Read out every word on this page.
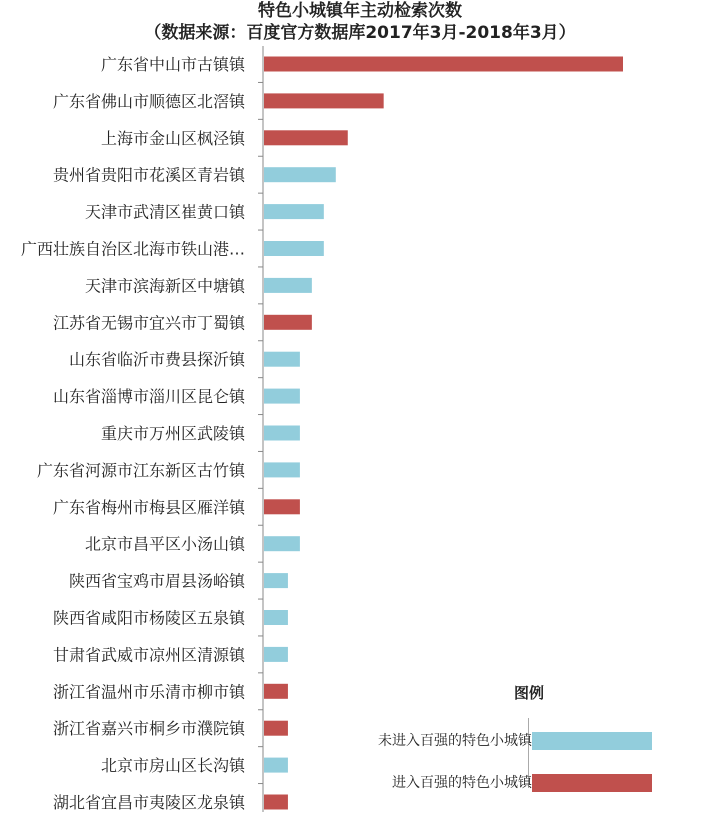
特色小城镇年主动检索次数
（数据来源：百度官方数据库2017年3月-2018年3月）
广东省中山市古镇镇
广东省佛山市顺德区北滘镇
上海市金山区枫泾镇
贵州省贵阳市花溪区青岩镇
天津市武清区崔黄口镇
广西壮族自治区北海市铁山港…
天津市滨海新区中塘镇
江苏省无锡市宜兴市丁蜀镇
山东省临沂市费县探沂镇
山东省淄博市淄川区昆仑镇
重庆市万州区武陵镇
广东省河源市江东新区古竹镇
广东省梅州市梅县区雁洋镇
北京市昌平区小汤山镇
陕西省宝鸡市眉县汤峪镇
陕西省咸阳市杨陵区五泉镇
甘肃省武威市凉州区清源镇
浙江省温州市乐清市柳市镇
浙江省嘉兴市桐乡市濮院镇
北京市房山区长沟镇
湖北省宜昌市夷陵区龙泉镇
图例
未进入百强的特色小城镇
进入百强的特色小城镇
